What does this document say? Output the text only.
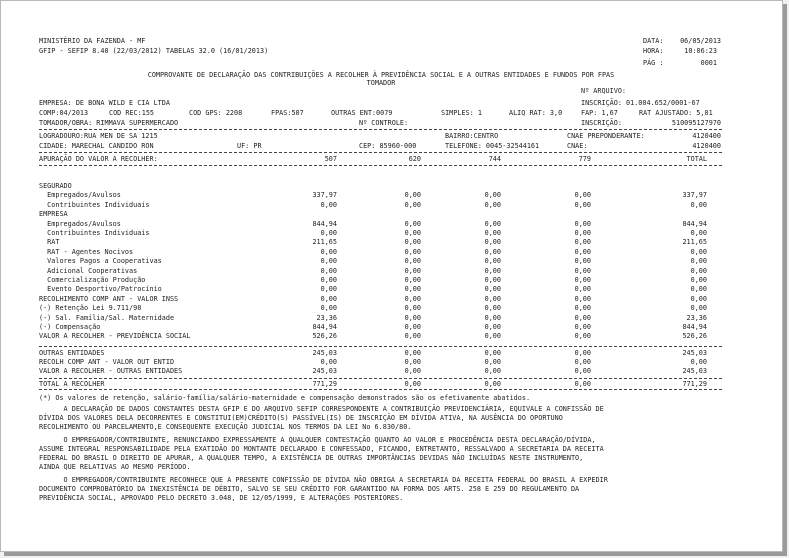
MINISTÉRIO DA FAZENDA - MF
GFIP - SEFIP 8.40 (22/03/2012) TABELAS 32.0 (16/01/2013)
DATA:	06/05/2013
HORA:	10:06:23
PÁG :	0001
COMPROVANTE DE DECLARAÇÃO DAS CONTRIBUIÇÕES A RECOLHER À PREVIDÊNCIA SOCIAL E A OUTRAS ENTIDADES E FUNDOS POR FPAS
TOMADOR
Nº ARQUIVO:
EMPRESA: DE BONA WILD E CIA LTDA	INSCRIÇÃO: 01.004.652/0001-67
COMP:04/2013	COD REC:155	COD GPS: 2208	FPAS:507	OUTRAS ENT:0079	SIMPLES: 1	ALIQ RAT: 3,0	FAP: 1,67	RAT AJUSTADO: 5,01
TOMADOR/OBRA: RIMMAVA SUPERMERCADO	Nº CONTROLE:	INSCRIÇÃO:	510095127970
LOGRADOURO:RUA MEN DE SA 1215	BAIRRO:CENTRO	CNAE PREPONDERANTE:	4120400
CIDADE: MARECHAL CANDIDO RON	UF: PR	CEP: 85960-000	TELEFONE: 0045-32544161	CNAE:	4120400
APURAÇÃO DO VALOR A RECOLHER:	507	620	744	779	TOTAL
SEGURADO
Empregados/Avulsos	337,97	0,00	0,00	0,00	337,97
Contribuintes Individuais	0,00	0,00	0,00	0,00	0,00
EMPRESA
Empregados/Avulsos	844,94	0,00	0,00	0,00	844,94
Contribuintes Individuais	0,00	0,00	0,00	0,00	0,00
RAT	211,65	0,00	0,00	0,00	211,65
RAT - Agentes Nocivos	0,00	0,00	0,00	0,00	0,00
Valores Pagos a Cooperativas	0,00	0,00	0,00	0,00	0,00
Adicional Cooperativas	0,00	0,00	0,00	0,00	0,00
Comercialização Produção	0,00	0,00	0,00	0,00	0,00
Evento Desportivo/Patrocínio	0,00	0,00	0,00	0,00	0,00
RECOLHIMENTO COMP ANT - VALOR INSS	0,00	0,00	0,00	0,00	0,00
(-) Retenção Lei 9.711/98	0,00	0,00	0,00	0,00	0,00
(-) Sal. Família/Sal. Maternidade	23,36	0,00	0,00	0,00	23,36
(-) Compensação	844,94	0,00	0,00	0,00	844,94
VALOR A RECOLHER - PREVIDÊNCIA SOCIAL	526,26	0,00	0,00	0,00	526,26
OUTRAS ENTIDADES	245,03	0,00	0,00	0,00	245,03
RECOLH COMP ANT - VALOR OUT ENTID	0,00	0,00	0,00	0,00	0,00
VALOR A RECOLHER - OUTRAS ENTIDADES	245,03	0,00	0,00	0,00	245,03
TOTAL A RECOLHER	771,29	0,00	0,00	0,00	771,29
(*) Os valores de retenção, salário-família/salário-maternidade e compensação demonstrados são os efetivamente abatidos.
A DECLARAÇÃO DE DADOS CONSTANTES DESTA GFIP E DO ARQUIVO SEFIP CORRESPONDENTE A CONTRIBUIÇÃO PREVIDENCIÁRIA, EQUIVALE A CONFISSÃO DE
DÍVIDA DOS VALORES DELA DECORRENTES E CONSTITUI(EM)CRÉDITO(S) PASSÍVEL(IS) DE INSCRIÇÃO EM DÍVIDA ATIVA, NA AUSÊNCIA DO OPORTUNO
RECOLHIMENTO OU PARCELAMENTO,E CONSEQUENTE EXECUÇÃO JUDICIAL NOS TERMOS DA LEI No 6.830/80.
O EMPREGADOR/CONTRIBUINTE, RENUNCIANDO EXPRESSAMENTE A QUALQUER CONTESTAÇÃO QUANTO AO VALOR E PROCEDÊNCIA DESTA DECLARAÇÃO/DÍVIDA,
ASSUME INTEGRAL RESPONSABILIDADE PELA EXATIDÃO DO MONTANTE DECLARADO E CONFESSADO, FICANDO, ENTRETANTO, RESSALVADO A SECRETARIA DA RECEITA
FEDERAL DO BRASIL O DIREITO DE APURAR, A QUALQUER TEMPO, A EXISTÊNCIA DE OUTRAS IMPORTÂNCIAS DEVIDAS NÃO INCLUÍDAS NESTE INSTRUMENTO,
AINDA QUE RELATIVAS AO MESMO PERÍODO.
O EMPREGADOR/CONTRIBUINTE RECONHECE QUE A PRESENTE CONFISSÃO DE DÍVIDA NÃO OBRIGA A SECRETARIA DA RECEITA FEDERAL DO BRASIL A EXPEDIR
DOCUMENTO COMPROBATÓRIO DA INEXISTÊNCIA DE DÉBITO, SALVO SE SEU CRÉDITO FOR GARANTIDO NA FORMA DOS ARTS. 258 E 259 DO REGULAMENTO DA
PREVIDÊNCIA SOCIAL, APROVADO PELO DECRETO 3.048, DE 12/05/1999, E ALTERAÇÕES POSTERIORES.
